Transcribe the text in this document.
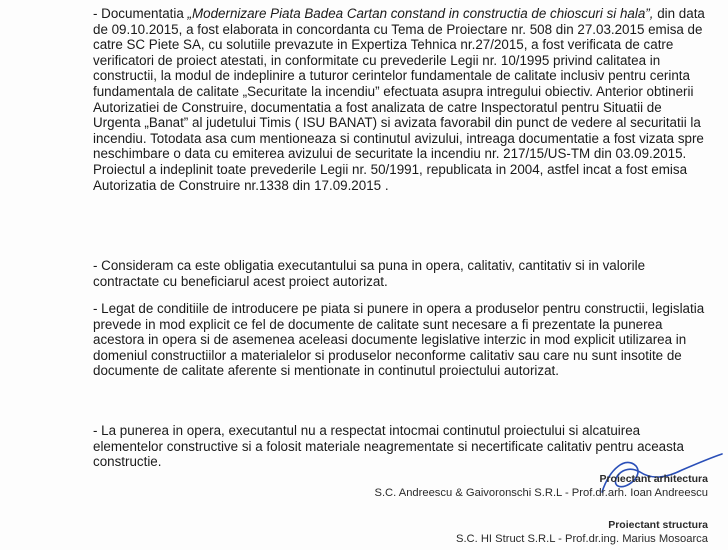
- Documentatia „Modernizare Piata Badea Cartan constand in constructia de chioscuri si hala”, din data de 09.10.2015, a fost elaborata in concordanta cu Tema de Proiectare nr. 508 din 27.03.2015 emisa de catre SC Piete SA, cu solutiile prevazute in Expertiza Tehnica nr.27/2015, a fost verificata de catre verificatori de proiect atestati, in conformitate cu prevederile Legii nr. 10/1995 privind calitatea in constructii, la modul de indeplinire a tuturor cerintelor fundamentale de calitate inclusiv pentru cerinta fundamentala de calitate „Securitate la incendiu” efectuata asupra intregului obiectiv. Anterior obtinerii Autorizatiei de Construire, documentatia a fost analizata de catre Inspectoratul pentru Situatii de Urgenta „Banat” al judetului Timis ( ISU BANAT) si avizata favorabil din punct de vedere al securitatii la incendiu. Totodata asa cum mentioneaza si continutul avizului, intreaga documentatie a fost vizata spre neschimbare o data cu emiterea avizului de securitate la incendiu nr. 217/15/US-TM din 03.09.2015. Proiectul a indeplinit toate prevederile Legii nr. 50/1991, republicata in 2004, astfel incat a fost emisa Autorizatia de Construire nr.1338 din 17.09.2015 .
- Consideram ca este obligatia executantului sa puna in opera, calitativ, cantitativ si in valorile contractate cu beneficiarul acest proiect autorizat.
- Legat de conditiile de introducere pe piata si punere in opera a produselor pentru constructii, legislatia prevede in mod explicit ce fel de documente de calitate sunt necesare a fi prezentate la punerea acestora in opera si de asemenea aceleasi documente legislative interzic in mod explicit utilizarea in domeniul constructiilor a materialelor si produselor neconforme calitativ sau care nu sunt insotite de documente de calitate aferente si mentionate in continutul proiectului autorizat.
- La punerea in opera, executantul nu a respectat intocmai continutul proiectului si alcatuirea elementelor constructive si a folosit materiale neagrementate si necertificate calitativ pentru aceasta constructie.
Proiectant arhitectura
S.C. Andreescu & Gaivoronschi S.R.L - Prof.dr.arh. Ioan Andreescu
Proiectant structura
S.C. HI Struct S.R.L - Prof.dr.ing. Marius Mosoarca
